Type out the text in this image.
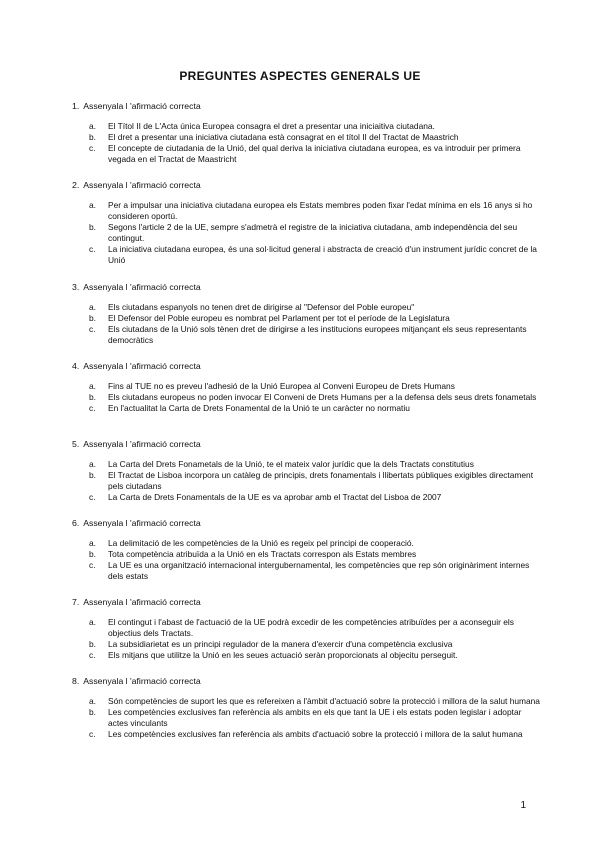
PREGUNTES ASPECTES GENERALS UE
1. Assenyala l 'afirmació correcta
a.	El Títol II de L'Acta única Europea consagra el dret a presentar una iniciaitiva ciutadana.
b.	El dret a presentar una iniciativa ciutadana està consagrat en el títol II del Tractat de Maastrich
c.	El concepte de ciutadania de la Unió, del qual deriva la iniciativa ciutadana europea, es va introduir per primera vegada en el Tractat de Maastricht
2. Assenyala l 'afirmació correcta
a.	Per a impulsar una iniciativa ciutadana europea els Estats membres poden fixar l'edat mínima en els 16 anys si ho consideren oportú.
b.	Segons l'article 2 de la UE, sempre s'admetrà el registre de la iniciativa ciutadana, amb independència del seu contingut.
c.	La iniciativa ciutadana europea, és una sol·licitud general i abstracta de creació d'un instrument jurídic concret de la Unió
3. Assenyala l 'afirmació correcta
a.	Els ciutadans espanyols no tenen dret de dirigirse al "Defensor del Poble europeu"
b.	El Defensor del Poble europeu es nombrat pel Parlament per tot el període de la Legislatura
c.	Els ciutadans de la Unió sols tènen dret de dirigirse a les institucions europees mitjançant els seus representants democràtics
4. Assenyala l 'afirmació correcta
a.	Fins al TUE no es preveu l'adhesió de la Unió Europea al Conveni Europeu de Drets Humans
b.	Els ciutadans europeus no poden invocar El Conveni de Drets Humans per a la defensa dels seus drets fonametals
c.	En l'actualitat la Carta de Drets Fonamental de la Unió te un caràcter no normatiu
5. Assenyala l 'afirmació correcta
a.	La Carta del Drets Fonametals de la Unió, te el mateix valor jurídic que la dels Tractats constitutius
b.	El Tractat de Lisboa incorpora un catàleg de principis, drets fonamentals i llibertats públiques exigibles directament pels ciutadans
c.	La Carta de Drets Fonamentals de la UE es va aprobar amb el Tractat del Lisboa de 2007
6. Assenyala l 'afirmació correcta
a.	La delimitació de les competències de la Unió es regeix pel principi de cooperació.
b.	Tota competència atribuïda a la Unió en els Tractats correspon als Estats membres
c.	La UE es una organització internacional intergubernamental, les competències que rep són originàriment internes dels estats
7. Assenyala l 'afirmació correcta
a.	El contingut i l'abast de l'actuació de la UE podrà excedir de les competències atribuïdes per a aconseguir els objectius dels Tractats.
b.	La subsidiarietat es un principi regulador de la manera d'exercir d'una competència exclusiva
c.	Els mitjans que utilitze la Unió en les seues actuació seràn proporcionats al objecitu perseguit.
8. Assenyala l 'afirmació correcta
a.	Són competències de suport les que es refereixen a l'àmbit d'actuació sobre la protecció i millora de la salut humana
b.	Les competències exclusives fan referència als ambits en els que tant la UE i els estats poden legislar i adoptar actes vinculants
c.	Les competències exclusives fan referència als ambits d'actuació sobre la protecció i millora de la salut humana
1
